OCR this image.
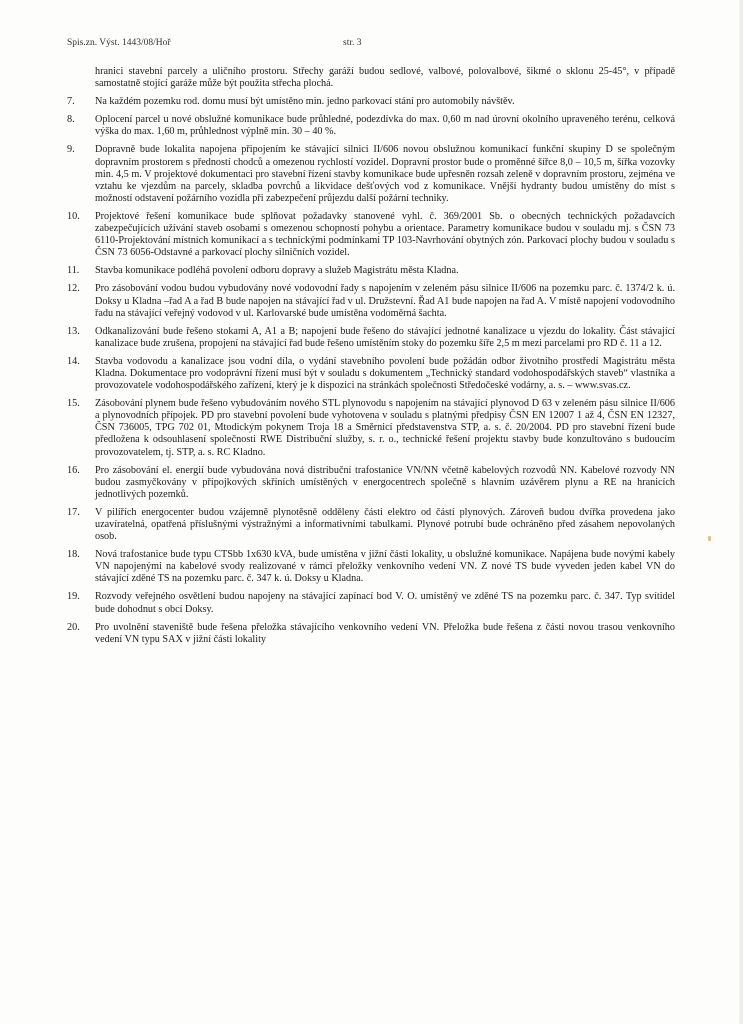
Spis.zn. Výst. 1443/08/Hoř	str. 3

hranici stavební parcely a uličního prostoru. Střechy garáží budou sedlové, valbové, polovalbové, šikmé o sklonu 25-45°, v případě samostatně stojící garáže může být použita střecha plochá.

7.	Na každém pozemku rod. domu musí být umístěno min. jedno parkovací stání pro automobily návštěv.
8.	Oplocení parcel u nové obslužné komunikace bude průhledné, podezdívka do max. 0,60 m nad úrovní okolního upraveného terénu, celková výška do max. 1,60 m, průhlednost výplně min. 30 – 40 %.
9.	Dopravně bude lokalita napojena připojením ke stávající silnici II/606 novou obslužnou komunikací funkční skupiny D se společným dopravním prostorem s předností chodců a omezenou rychlostí vozidel. Dopravní prostor bude o proměnné šířce 8,0 – 10,5 m, šířka vozovky min. 4,5 m. V projektové dokumentaci pro stavební řízení stavby komunikace bude upřesněn rozsah zeleně v dopravním prostoru, zejména ve vztahu ke vjezdům na parcely, skladba povrchů a likvidace dešťových vod z komunikace. Vnější hydranty budou umístěny do míst s možností odstavení požárního vozidla při zabezpečení průjezdu další požární techniky.
10.	Projektové řešení komunikace bude splňovat požadavky stanovené vyhl. č. 369/2001 Sb. o obecných technických požadavcích zabezpečujících užívání staveb osobami s omezenou schopností pohybu a orientace. Parametry komunikace budou v souladu mj. s ČSN 73 6110-Projektování místních komunikací a s technickými podmínkami TP 103-Navrhování obytných zón. Parkovací plochy budou v souladu s ČSN 73 6056-Odstavné a parkovací plochy silničních vozidel.
11.	Stavba komunikace podléhá povolení odboru dopravy a služeb Magistrátu města Kladna.
12.	Pro zásobování vodou budou vybudovány nové vodovodní řady s napojením v zeleném pásu silnice II/606 na pozemku parc. č. 1374/2 k. ú. Doksy u Kladna –řad A a řad B bude napojen na stávající řad v ul. Družstevní. Řad A1 bude napojen na řad A. V místě napojení vodovodního řadu na stávající veřejný vodovod v ul. Karlovarské bude umístěna vodoměrná šachta.
13.	Odkanalizování bude řešeno stokami A, A1 a B; napojení bude řešeno do stávající jednotné kanalizace u vjezdu do lokality. Část stávající kanalizace bude zrušena, propojení na stávající řad bude řešeno umístěním stoky do pozemku šíře 2,5 m mezi parcelami pro RD č. 11 a 12.
14.	Stavba vodovodu a kanalizace jsou vodní díla, o vydání stavebního povolení bude požádán odbor životního prostředí Magistrátu města Kladna. Dokumentace pro vodoprávní řízení musí být v souladu s dokumentem „Technický standard vodohospodářských staveb“ vlastníka a provozovatele vodohospodářského zařízení, který je k dispozici na stránkách společnosti Středočeské vodárny, a. s. – www.svas.cz.
15.	Zásobování plynem bude řešeno vybudováním nového STL plynovodu s napojením na stávající plynovod D 63 v zeleném pásu silnice II/606 a plynovodních přípojek. PD pro stavební povolení bude vyhotovena v souladu s platnými předpisy ČSN EN 12007 1 až 4, ČSN EN 12327, ČSN 736005, TPG 702 01, Mtodickým pokynem Troja 18 a Směrnicí představenstva STP, a. s. č. 20/2004. PD pro stavební řízení bude předložena k odsouhlasení společnosti RWE Distribuční služby, s. r. o., technické řešení projektu stavby bude konzultováno s budoucím provozovatelem, tj. STP, a. s. RC Kladno.
16.	Pro zásobování el. energií bude vybudována nová distribuční trafostanice VN/NN včetně kabelových rozvodů NN. Kabelové rozvody NN budou zasmyčkovány v přípojkových skříních umístěných v energocentrech společně s hlavním uzávěrem plynu a RE na hranicích jednotlivých pozemků.
17.	V pilířích energocenter budou vzájemně plynotěsně odděleny části elektro od částí plynových. Zároveň budou dvířka provedena jako uzavíratelná, opatřená příslušnými výstražnými a informativními tabulkami. Plynové potrubí bude ochráněno před zásahem nepovolaných osob.
18.	Nová trafostanice bude typu CTSbb 1x630 kVA, bude umístěna v jižní části lokality, u obslužné komunikace. Napájena bude novými kabely VN napojenými na kabelové svody realizované v rámci přeložky venkovního vedení VN. Z nové TS bude vyveden jeden kabel VN do stávající zděné TS na pozemku parc. č. 347 k. ú. Doksy u Kladna.
19.	Rozvody veřejného osvětlení budou napojeny na stávající zapínací bod V. O. umístěný ve zděné TS na pozemku parc. č. 347. Typ svítidel bude dohodnut s obcí Doksy.
20.	Pro uvolnění staveniště bude řešena přeložka stávajícího venkovního vedení VN. Přeložka bude řešena z části novou trasou venkovního vedení VN typu SAX v jižní části lokality
